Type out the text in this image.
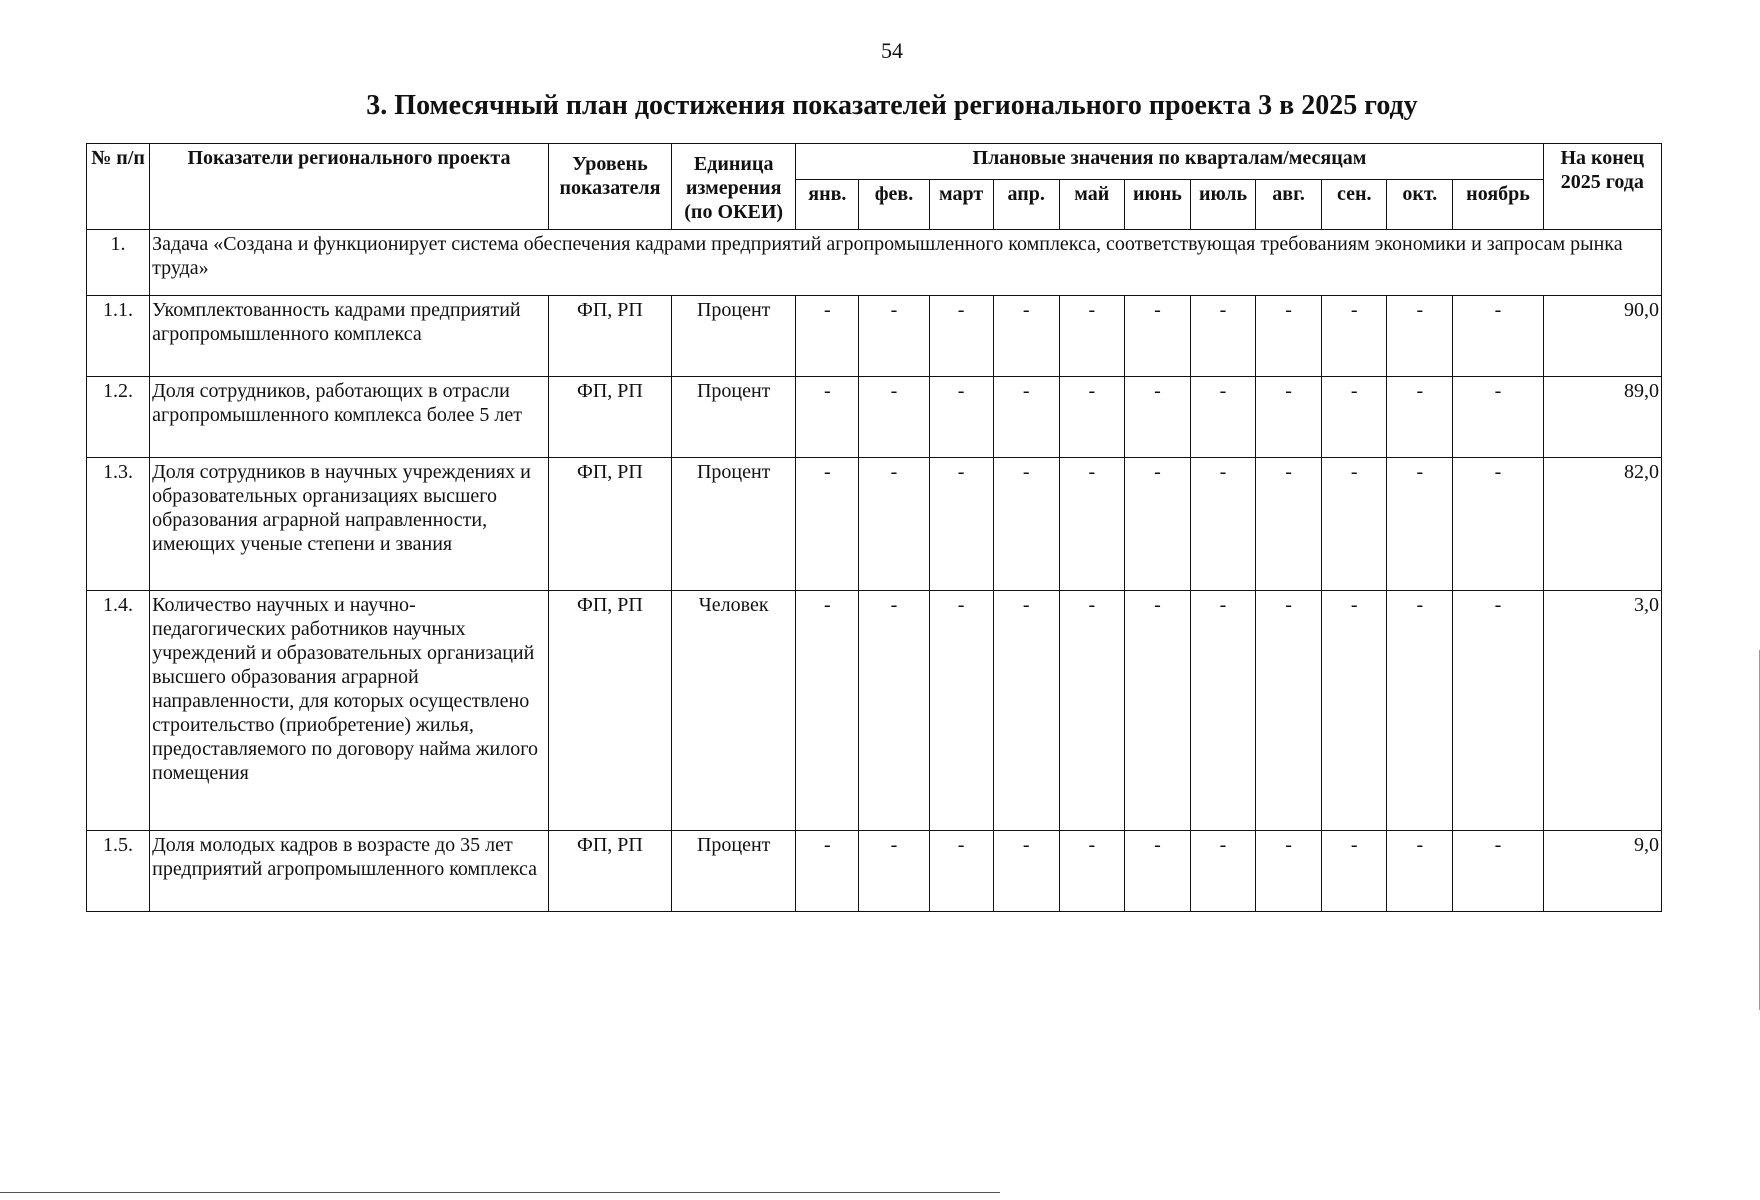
54
3. Помесячный план достижения показателей регионального проекта 3 в 2025 году
№ п/п	Показатели регионального проекта	Уровень показателя	Единица измерения (по ОКЕИ)	Плановые значения по кварталам/месяцам											На конец 2025 года
				янв.	фев.	март	апр.	май	июнь	июль	авг.	сен.	окт.	ноябрь	
1.	Задача «Создана и функционирует система обеспечения кадрами предприятий агропромышленного комплекса, соответствующая требованиям экономики и запросам рынка труда»														
1.1.	Укомплектованность кадрами предприятий агропромышленного комплекса	ФП, РП	Процент	-	-	-	-	-	-	-	-	-	-	-	90,0
1.2.	Доля сотрудников, работающих в отрасли агропромышленного комплекса более 5 лет	ФП, РП	Процент	-	-	-	-	-	-	-	-	-	-	-	89,0
1.3.	Доля сотрудников в научных учреждениях и образовательных организациях высшего образования аграрной направленности, имеющих ученые степени и звания	ФП, РП	Процент	-	-	-	-	-	-	-	-	-	-	-	82,0
1.4.	Количество научных и научно-педагогических работников научных учреждений и образовательных организаций высшего образования аграрной направленности, для которых осуществлено строительство (приобретение) жилья, предоставляемого по договору найма жилого помещения	ФП, РП	Человек	-	-	-	-	-	-	-	-	-	-	-	3,0
1.5.	Доля молодых кадров в возрасте до 35 лет предприятий агропромышленного комплекса	ФП, РП	Процент	-	-	-	-	-	-	-	-	-	-	-	9,0
